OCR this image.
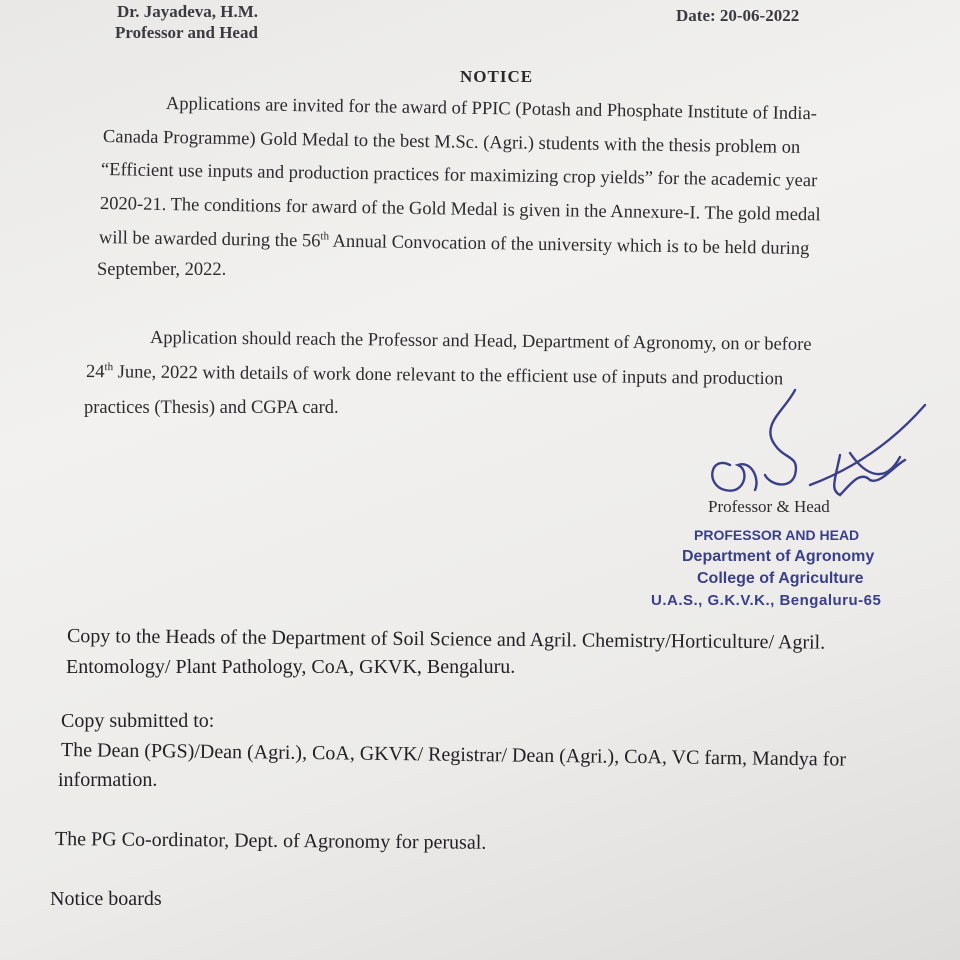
Dr. Jayadeva, H.M.
Professor and Head
Date: 20-06-2022
NOTICE
Applications are invited for the award of PPIC (Potash and Phosphate Institute of India-
Canada Programme) Gold Medal to the best M.Sc. (Agri.) students with the thesis problem on
“Efficient use inputs and production practices for maximizing crop yields” for the academic year
2020-21. The conditions for award of the Gold Medal is given in the Annexure-I. The gold medal
will be awarded during the 56th Annual Convocation of the university which is to be held during
September, 2022.
Application should reach the Professor and Head, Department of Agronomy, on or before
24th June, 2022 with details of work done relevant to the efficient use of inputs and production
practices (Thesis) and CGPA card.
Professor & Head
PROFESSOR AND HEAD
Department of Agronomy
College of Agriculture
U.A.S., G.K.V.K., Bengaluru-65
Copy to the Heads of the Department of Soil Science and Agril. Chemistry/Horticulture/ Agril.
Entomology/ Plant Pathology, CoA, GKVK, Bengaluru.
Copy submitted to:
The Dean (PGS)/Dean (Agri.), CoA, GKVK/ Registrar/ Dean (Agri.), CoA, VC farm, Mandya for
information.
The PG Co-ordinator, Dept. of Agronomy for perusal.
Notice boards
